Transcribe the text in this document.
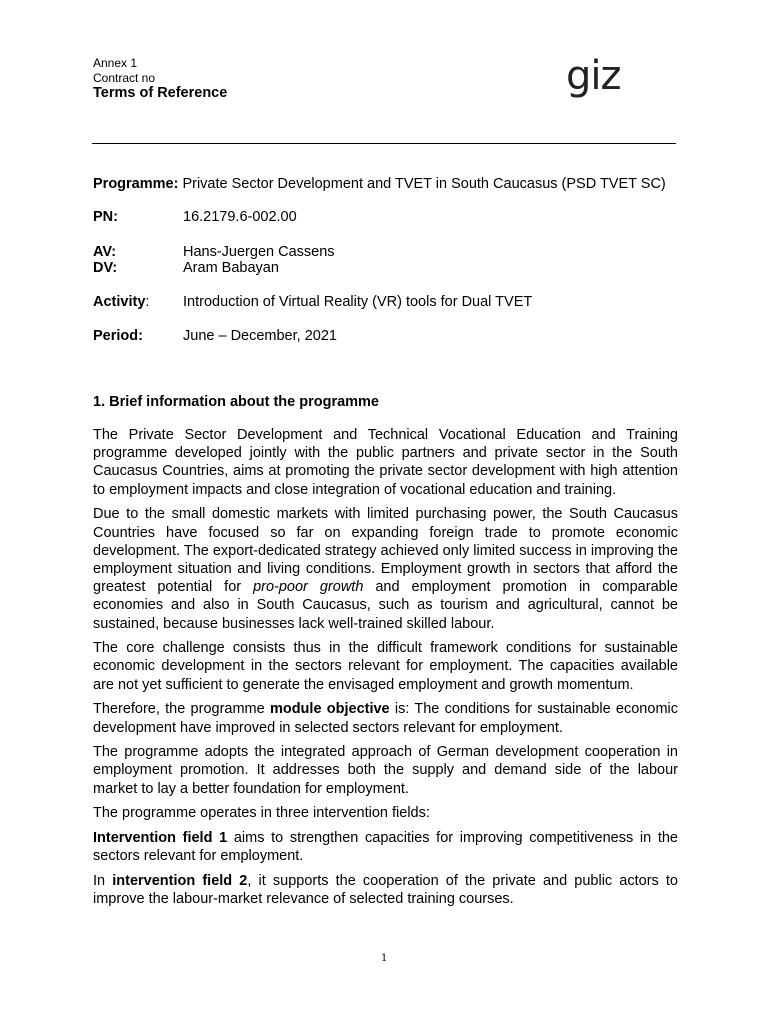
Annex 1
Contract no
Terms of Reference	giz
Programme: Private Sector Development and TVET in South Caucasus (PSD TVET SC)
PN:	16.2179.6-002.00
AV:	Hans-Juergen Cassens
DV:	Aram Babayan
Activity: Introduction of Virtual Reality (VR) tools for Dual TVET
Period:	June – December, 2021
1. Brief information about the programme

The Private Sector Development and Technical Vocational Education and Training programme developed jointly with the public partners and private sector in the South Caucasus Countries, aims at promoting the private sector development with high attention to employment impacts and close integration of vocational education and training.

Due to the small domestic markets with limited purchasing power, the South Caucasus Countries have focused so far on expanding foreign trade to promote economic development. The export-dedicated strategy achieved only limited success in improving the employment situation and living conditions. Employment growth in sectors that afford the greatest potential for pro-poor growth and employment promotion in comparable economies and also in South Caucasus, such as tourism and agricultural, cannot be sustained, because businesses lack well-trained skilled labour.

The core challenge consists thus in the difficult framework conditions for sustainable economic development in the sectors relevant for employment. The capacities available are not yet sufficient to generate the envisaged employment and growth momentum.

Therefore, the programme module objective is: The conditions for sustainable economic development have improved in selected sectors relevant for employment.

The programme adopts the integrated approach of German development cooperation in employment promotion. It addresses both the supply and demand side of the labour market to lay a better foundation for employment.

The programme operates in three intervention fields:

Intervention field 1 aims to strengthen capacities for improving competitiveness in the sectors relevant for employment.

In intervention field 2, it supports the cooperation of the private and public actors to improve the labour-market relevance of selected training courses.

1
